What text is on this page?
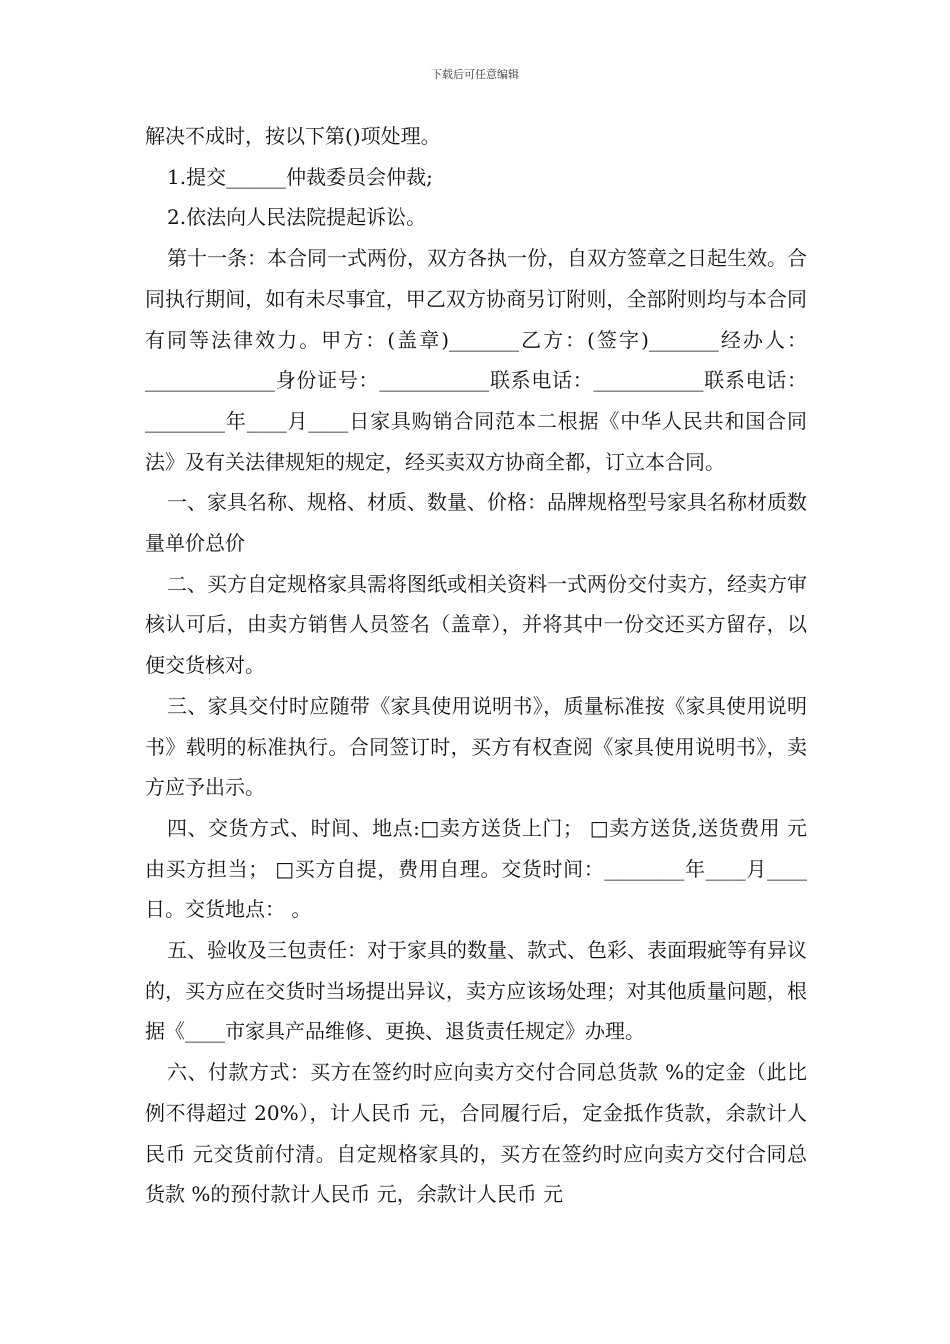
下载后可任意编辑

解决不成时，按以下第()项处理。

1.提交______仲裁委员会仲裁;

2.依法向人民法院提起诉讼。

第十一条：本合同一式两份，双方各执一份，自双方签章之日起生效。合同执行期间，如有未尽事宜，甲乙双方协商另订附则，全部附则均与本合同有同等法律效力。甲方：(盖章)_______乙方：(签字)_______经办人：_____________身份证号：___________联系电话：___________联系电话：________年____月____日家具购销合同范本二根据《中华人民共和国合同法》及有关法律规矩的规定，经买卖双方协商全都，订立本合同。

一、家具名称、规格、材质、数量、价格：品牌规格型号家具名称材质数量单价总价

二、买方自定规格家具需将图纸或相关资料一式两份交付卖方，经卖方审核认可后，由卖方销售人员签名（盖章），并将其中一份交还买方留存，以便交货核对。

三、家具交付时应随带《家具使用说明书》，质量标准按《家具使用说明书》载明的标准执行。合同签订时，买方有权查阅《家具使用说明书》，卖方应予出示。

四、交货方式、时间、地点:□卖方送货上门； □卖方送货,送货费用 元由买方担当； □买方自提，费用自理。交货时间：________年____月____日。交货地点： 。

五、验收及三包责任：对于家具的数量、款式、色彩、表面瑕疵等有异议的，买方应在交货时当场提出异议，卖方应该场处理；对其他质量问题，根据《____市家具产品维修、更换、退货责任规定》办理。

六、付款方式：买方在签约时应向卖方交付合同总货款 %的定金（此比例不得超过 20%），计人民币 元，合同履行后，定金抵作货款，余款计人民币 元交货前付清。自定规格家具的，买方在签约时应向卖方交付合同总货款 %的预付款计人民币 元，余款计人民币 元
